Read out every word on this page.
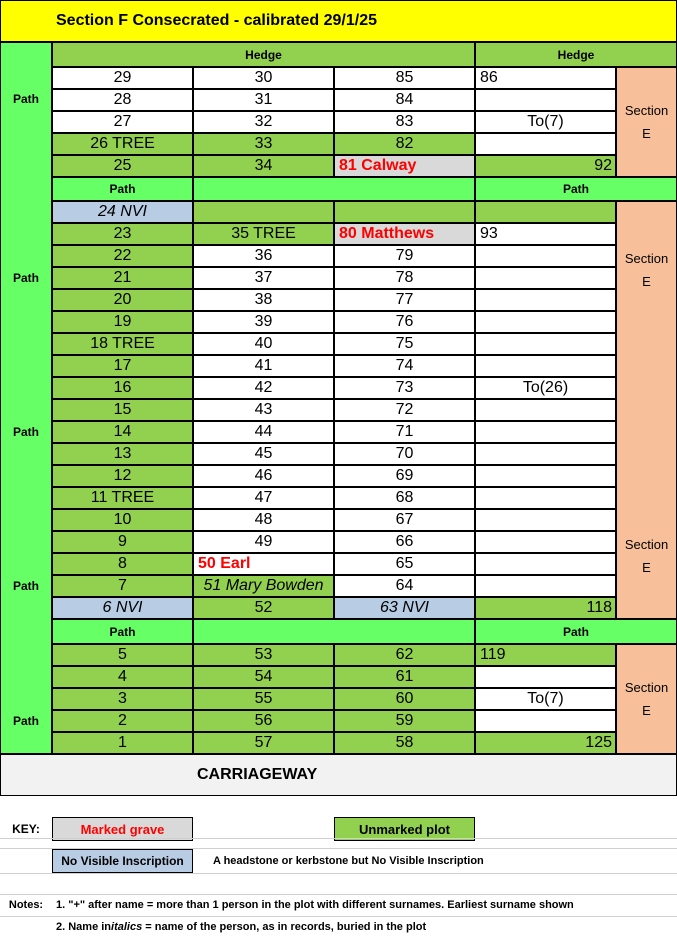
Section F Consecrated - calibrated 29/1/25
Hedge	Hedge
29	30	85	86
28	31	84
27	32	83	To(7)
26 TREE	33	82
25	34	81 Calway	92
Section
E
Path	Path
24 NVI
23	35 TREE	80 Matthews	93
22	36	79
21	37	78
20	38	77
19	39	76
18 TREE	40	75
17	41	74
16	42	73	To(26)
15	43	72
14	44	71
13	45	70
12	46	69
11 TREE	47	68
10	48	67
9	49	66
8	50 Earl	65
7	51 Mary Bowden	64
6 NVI	52	63 NVI	118
Section
E
Section
E
Path	Path
5	53	62	119
4	54	61
3	55	60	To(7)
2	56	59
1	57	58	125
Section
E
Path
Path
Path
Path
Path
CARRIAGEWAY
KEY:	Marked grave	Unmarked plot
No Visible Inscription	A headstone or kerbstone but No Visible Inscription
Notes:	1. "+" after name = more than 1 person in the plot with different surnames. Earliest surname shown
2. Name in italics = name of the person, as in records, buried in the plot
